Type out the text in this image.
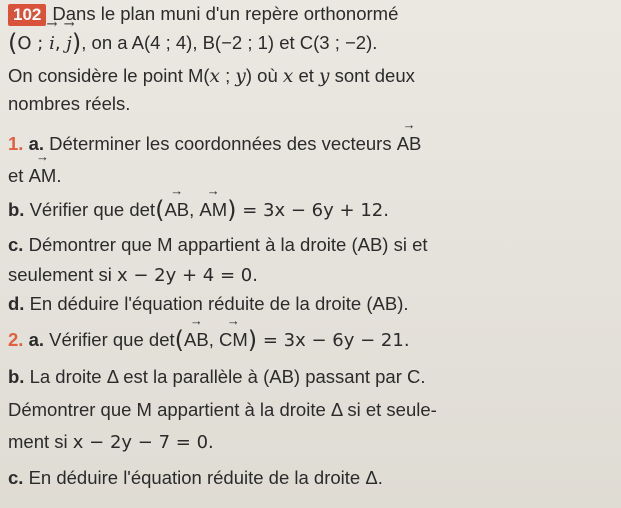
102 Dans le plan muni d'un repère orthonormé
(O ; → i, → j), on a A(4 ; 4), B(−2 ; 1) et C(3 ; −2).
On considère le point M(x ; y) où x et y sont deux
nombres réels.
1. a. Déterminer les coordonnées des vecteurs → AB
et → AM.
b. Vérifier que det(→ AB, → AM) = 3x − 6y + 12.
c. Démontrer que M appartient à la droite (AB) si et
seulement si x − 2y + 4 = 0.
d. En déduire l'équation réduite de la droite (AB).
2. a. Vérifier que det(→ AB, → CM) = 3x − 6y − 21.
b. La droite Δ est la parallèle à (AB) passant par C.
Démontrer que M appartient à la droite Δ si et seule-
ment si x − 2y − 7 = 0.
c. En déduire l'équation réduite de la droite Δ.
